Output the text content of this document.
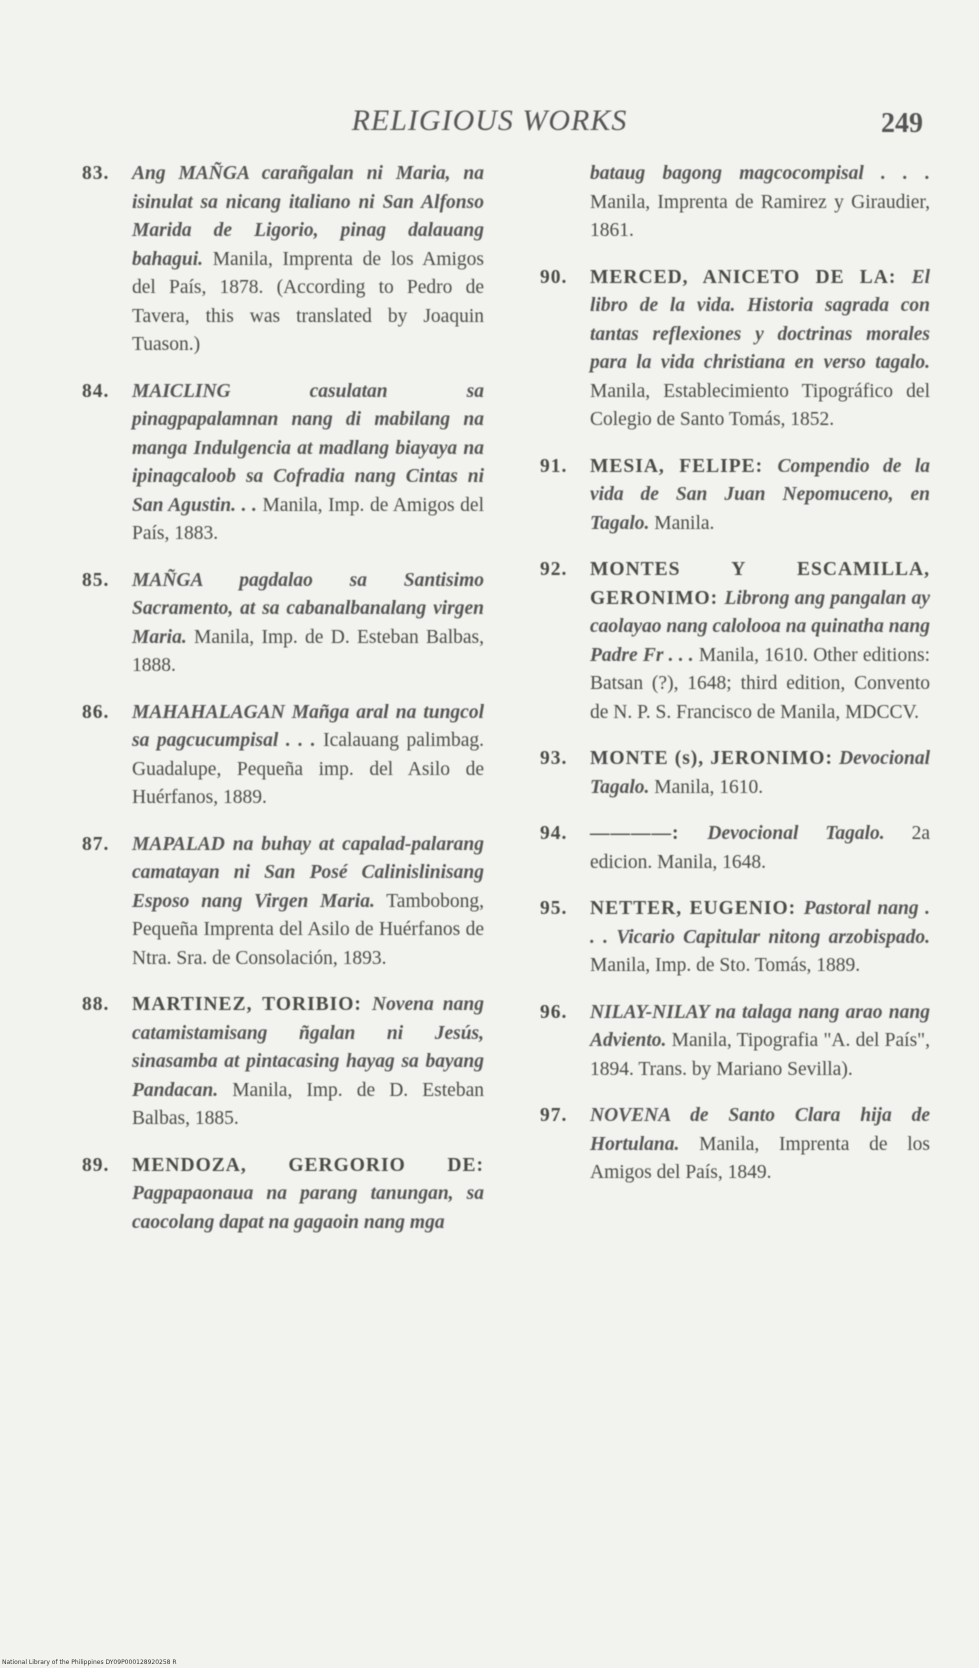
RELIGIOUS WORKS	249
83. Ang MAÑGA carañgalan ni Maria, na isinulat sa nicang italiano ni San Alfonso Marida de Ligorio, pinag dalauang bahagui. Manila, Imprenta de los Amigos del País, 1878. (According to Pedro de Tavera, this was translated by Joaquin Tuason.)
84. MAICLING casulatan sa pinagpapalamnan nang di mabilang na manga Indulgencia at madlang biayaya na ipinagcaloob sa Cofradia nang Cintas ni San Agustin. . . Manila, Imp. de Amigos del País, 1883.
85. MAÑGA pagdalao sa Santisimo Sacramento, at sa cabanalbanalang virgen Maria. Manila, Imp. de D. Esteban Balbas, 1888.
86. MAHAHALAGAN Mañga aral na tungcol sa pagcucumpisal . . . Icalauang palimbag. Guadalupe, Pequeña imp. del Asilo de Huérfanos, 1889.
87. MAPALAD na buhay at capalad-palarang camatayan ni San Posé Calinislinisang Esposo nang Virgen Maria. Tambobong, Pequeña Imprenta del Asilo de Huérfanos de Ntra. Sra. de Consolación, 1893.
88. MARTINEZ, TORIBIO: Novena nang catamistamisang ñgalan ni Jesús, sinasamba at pintacasing hayag sa bayang Pandacan. Manila, Imp. de D. Esteban Balbas, 1885.
89. MENDOZA, GERGORIO DE: Pagpapaonaua na parang tanungan, sa caocolang dapat na gagaoin nang mga
bataug bagong magcocompisal . . . Manila, Imprenta de Ramirez y Giraudier, 1861.
90. MERCED, ANICETO DE LA: El libro de la vida. Historia sagrada con tantas reflexiones y doctrinas morales para la vida christiana en verso tagalo. Manila, Establecimiento Tipográfico del Colegio de Santo Tomás, 1852.
91. MESIA, FELIPE: Compendio de la vida de San Juan Nepomuceno, en Tagalo. Manila.
92. MONTES Y ESCAMILLA, GERONIMO: Librong ang pangalan ay caolayao nang calolooa na quinatha nang Padre Fr . . . Manila, 1610. Other editions: Batsan (?), 1648; third edition, Convento de N. P. S. Francisco de Manila, MDCCV.
93. MONTE (s), JERONIMO: Devocional Tagalo. Manila, 1610.
94. ————: Devocional Tagalo. 2a edicion. Manila, 1648.
95. NETTER, EUGENIO: Pastoral nang . . . Vicario Capitular nitong arzobispado. Manila, Imp. de Sto. Tomás, 1889.
96. NILAY-NILAY na talaga nang arao nang Adviento. Manila, Tipografia "A. del País", 1894. Trans. by Mariano Sevilla).
97. NOVENA de Santo Clara hija de Hortulana. Manila, Imprenta de los Amigos del País, 1849.
National Library of the Philippines DY09P000128920258 R
